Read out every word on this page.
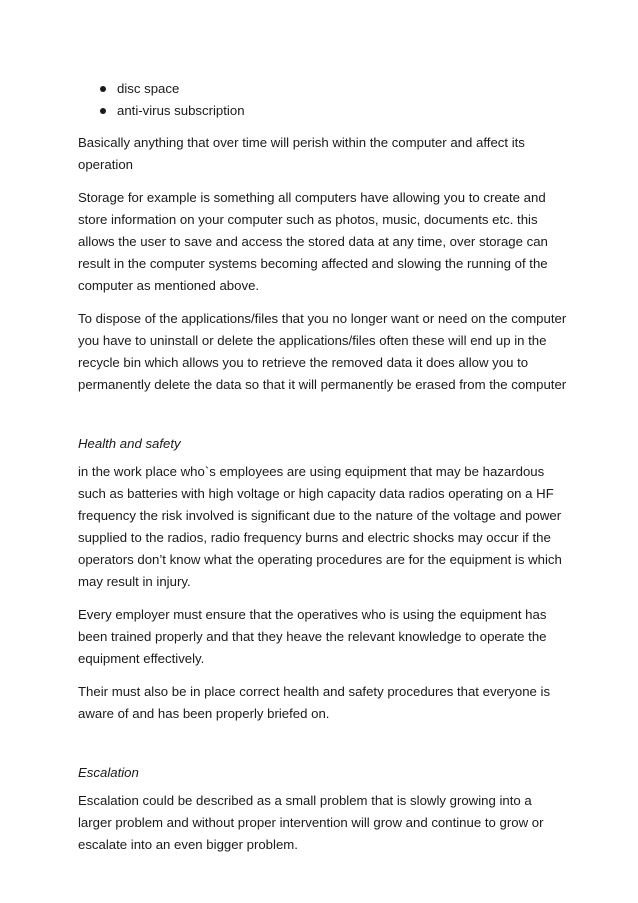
disc space
anti-virus subscription

Basically anything that over time will perish within the computer and affect its operation

Storage for example is something all computers have allowing you to create and store information on your computer such as photos, music, documents etc. this allows the user to save and access the stored data at any time, over storage can result in the computer systems becoming affected and slowing the running of the computer as mentioned above.

To dispose of the applications/files that you no longer want or need on the computer you have to uninstall or delete the applications/files often these will end up in the recycle bin which allows you to retrieve the removed data it does allow you to permanently delete the data so that it will permanently be erased from the computer

Health and safety

in the work place who`s employees are using equipment that may be hazardous such as batteries with high voltage or high capacity data radios operating on a HF frequency the risk involved is significant due to the nature of the voltage and power supplied to the radios, radio frequency burns and electric shocks may occur if the operators don’t know what the operating procedures are for the equipment is which may result in injury.

Every employer must ensure that the operatives who is using the equipment has been trained properly and that they heave the relevant knowledge to operate the equipment effectively.

Their must also be in place correct health and safety procedures that everyone is aware of and has been properly briefed on.

Escalation

Escalation could be described as a small problem that is slowly growing into a larger problem and without proper intervention will grow and continue to grow or escalate into an even bigger problem.
